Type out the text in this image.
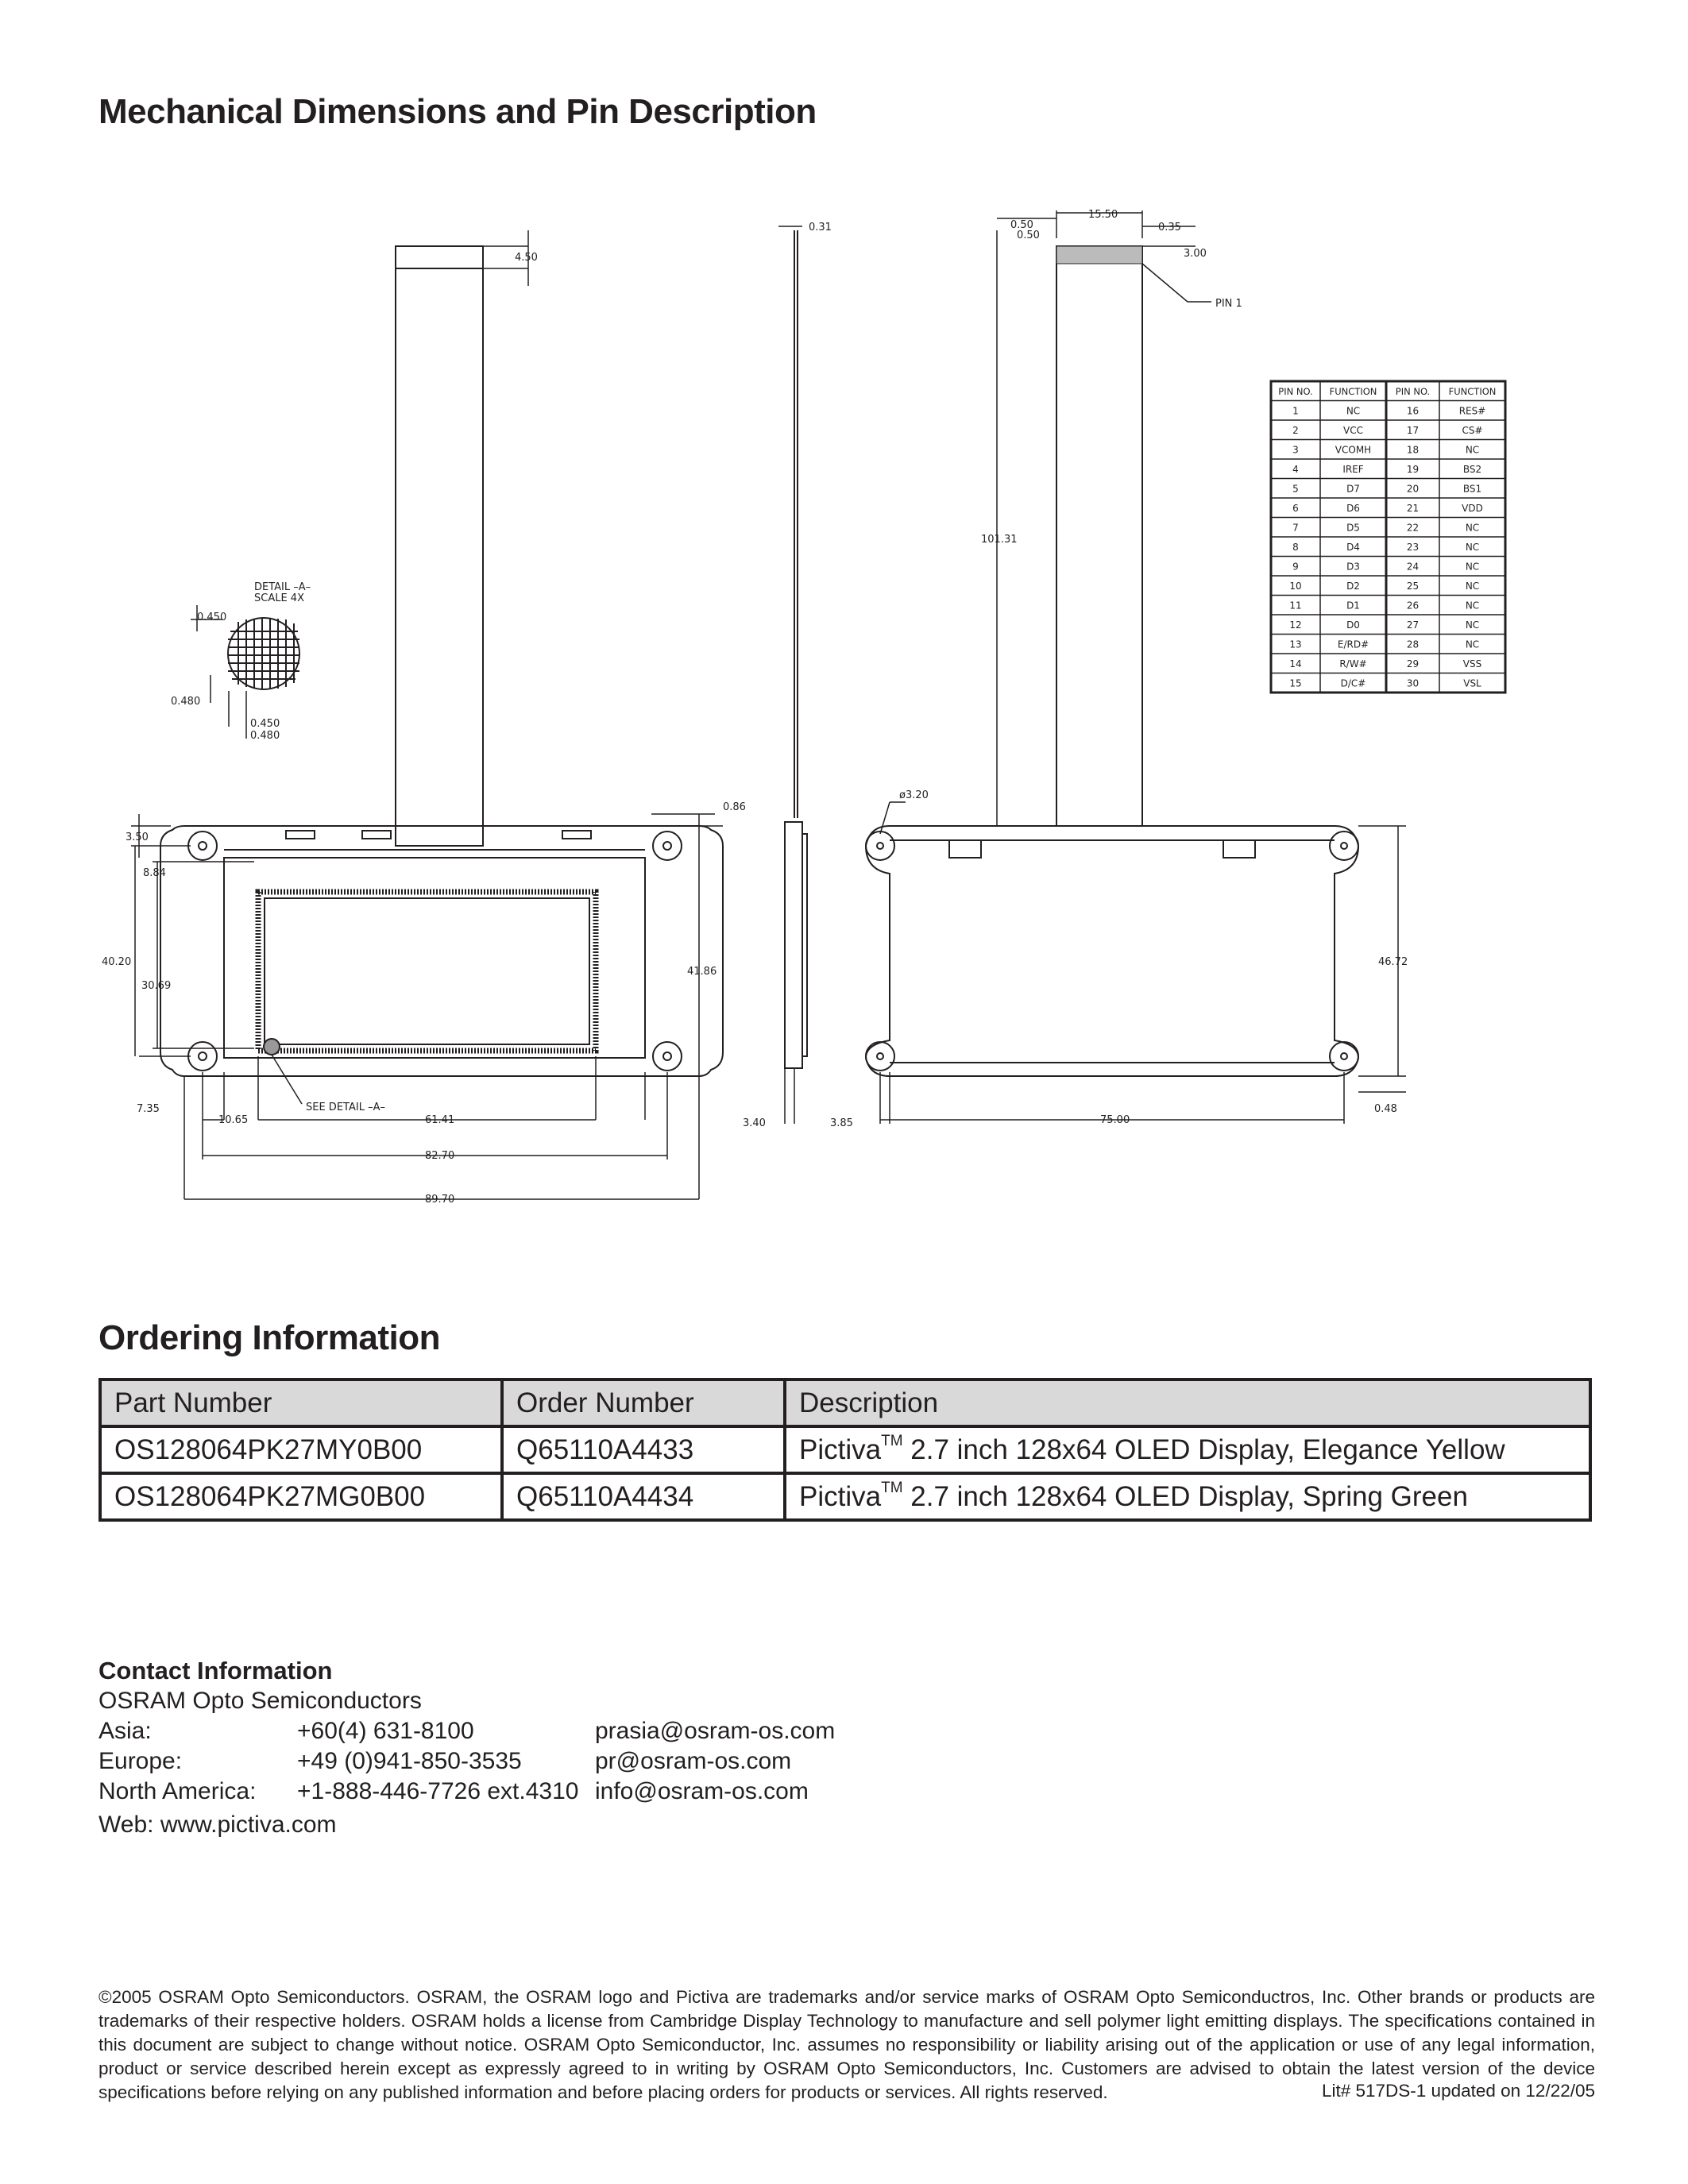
Mechanical Dimensions and Pin Description
4.50
DETAIL –A–
SCALE 4X
0.450
0.480
0.450
0.480
0.86
3.50
8.84
40.20
30.69
41.86
SEE DETAIL –A–
7.35
10.65	61.41
82.70
89.70
0.31
3.40
0.50
0.50
15.50
0.35
3.00
PIN 1
101.31
ø3.20
46.72
0.48
3.85	75.00
PIN NO. FUNCTION PIN NO. FUNCTION
1	NC	16	RES#
2	VCC	17	CS#
3	VCOMH	18	NC
4	IREF	19	BS2
5	D7	20	BS1
6	D6	21	VDD
7	D5	22	NC
8	D4	23	NC
9	D3	24	NC
10	D2	25	NC
11	D1	26	NC
12	D0	27	NC
13	E/RD#	28	NC
14	R/W#	29	VSS
15	D/C#	30	VSL
Ordering Information
Part Number	Order Number	Description
OS128064PK27MY0B00	Q65110A4433	Pictiva™ 2.7 inch 128x64 OLED Display, Elegance Yellow
OS128064PK27MG0B00	Q65110A4434	Pictiva™ 2.7 inch 128x64 OLED Display, Spring Green
Contact Information
OSRAM Opto Semiconductors
Asia:	+60(4) 631-8100	prasia@osram-os.com
Europe:	+49 (0)941-850-3535	pr@osram-os.com
North America:	+1-888-446-7726 ext.4310 info@osram-os.com
Web: www.pictiva.com

©2005 OSRAM Opto Semiconductors. OSRAM, the OSRAM logo and Pictiva are trademarks and/or service marks of OSRAM Opto Semiconductros, Inc. Other brands or products are trademarks of their respective holders. OSRAM holds a license from Cambridge Display Technology to manufacture and sell polymer light emitting displays. The specifications contained in this document are subject to change without notice. OSRAM Opto Semiconductor, Inc. assumes no responsibility or liability arising out of the application or use of any legal information, product or service described herein except as expressly agreed to in writing by OSRAM Opto Semiconductors, Inc. Customers are advised to obtain the latest version of the device specifications before relying on any published information and before placing orders for products or services. All rights reserved.	Lit# 517DS-1 updated on 12/22/05
